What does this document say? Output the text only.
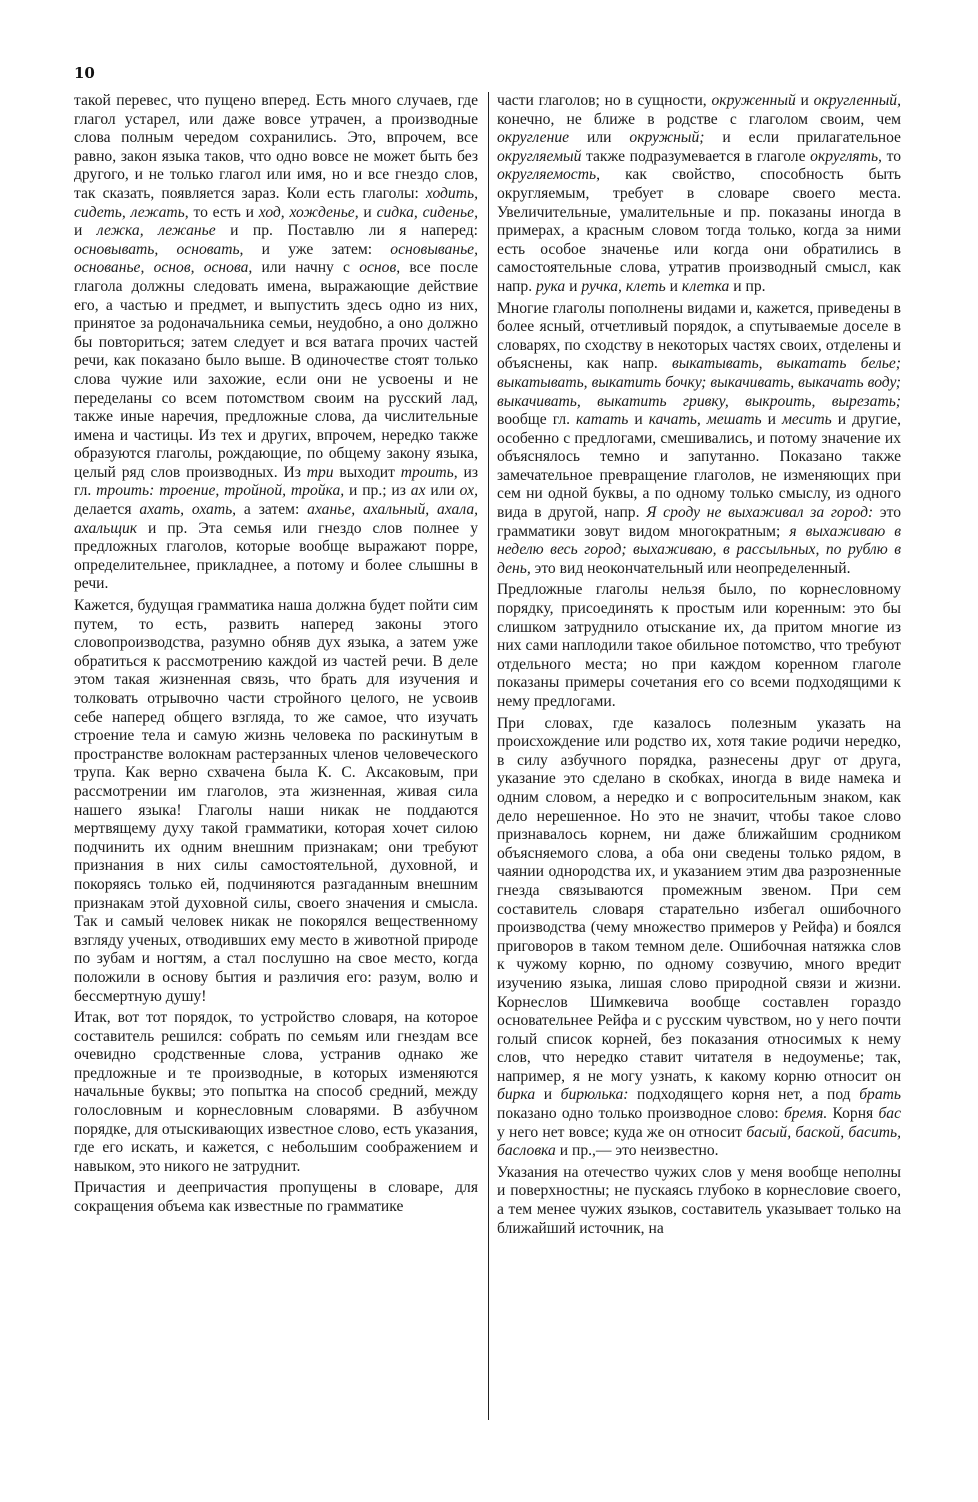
10

такой перевес, что пущено вперед. Есть много случаев, где глагол устарел, или даже вовсе утрачен, а производные слова полным чередом сохранились. Это, впрочем, все равно, закон языка таков, что одно вовсе не может быть без другого, и не только глагол или имя, но и все гнездо слов, так сказать, появляется зараз. Коли есть глаголы: ходить, сидеть, лежать, то есть и ход, хожденье, и сидка, сиденье, и лежка, лежанье и пр. Поставлю ли я наперед: основывать, основать, и уже затем: основыванье, основанье, основ, основа, или начну с основ, все после глагола должны следовать имена, выражающие действие его, а частью и предмет, и выпустить здесь одно из них, принятое за родоначальника семьи, неудобно, а оно должно бы повториться; затем следует и вся ватага прочих частей речи, как показано было выше. В одиночестве стоят только слова чужие или захожие, если они не усвоены и не переделаны со всем потомством своим на русский лад, также иные наречия, предложные слова, да числительные имена и частицы. Из тех и других, впрочем, нередко также образуются глаголы, рождающие, по общему закону языка, целый ряд слов производных. Из три выходит троить, из гл. троить: троение, тройной, тройка, и пр.; из ах или ох, делается ахать, охать, а затем: аханье, ахальный, ахала, ахальщик и пр. Эта семья или гнездо слов полнее у предложных глаголов, которые вообще выражают порре, определительнее, прикладнее, а потому и более слышны в речи.

Кажется, будущая грамматика наша должна будет пойти сим путем, то есть, развить наперед законы этого словопроизводства, разумно обняв дух языка, а затем уже обратиться к рассмотрению каждой из частей речи. В деле этом такая жизненная связь, что брать для изучения и толковать отрывочно части стройного целого, не усвоив себе наперед общего взгляда, то же самое, что изучать строение тела и самую жизнь человека по раскинутым в пространстве волокнам растерзанных членов человеческого трупа. Как верно схвачена была К. С. Аксаковым, при рассмотрении им глаголов, эта жизненная, живая сила нашего языка! Глаголы наши никак не поддаются мертвящему духу такой грамматики, которая хочет силою подчинить их одним внешним признакам; они требуют признания в них силы самостоятельной, духовной, и покоряясь только ей, подчиняются разгаданным внешним признакам этой духовной силы, своего значения и смысла. Так и самый человек никак не покорялся вещественному взгляду ученых, отводивших ему место в животной природе по зубам и ногтям, а стал послушно на свое место, когда положили в основу бытия и различия его: разум, волю и бессмертную душу!

Итак, вот тот порядок, то устройство словаря, на которое составитель решился: собрать по семьям или гнездам все очевидно сродственные слова, устранив однако же предложные и те производные, в которых изменяются начальные буквы; это попытка на способ средний, между голословным и корнесловным словарями. В азбучном порядке, для отыскивающих известное слово, есть указания, где его искать, и кажется, с небольшим соображением и навыком, это никого не затруднит.

Причастия и деепричастия пропущены в словаре, для сокращения объема как известные по грамматике

части глаголов; но в сущности, окруженный и округленный, конечно, не ближе в родстве с глаголом своим, чем округление или окружный; и если прилагательное округляемый также подразумевается в глаголе округлять, то округляемость, как свойство, способность быть округляемым, требует в словаре своего места. Увеличительные, умалительные и пр. показаны иногда в примерах, а красным словом тогда только, когда за ними есть особое значенье или когда они обратились в самостоятельные слова, утратив производный смысл, как напр. рука и ручка, клеть и клетка и пр.

Многие глаголы пополнены видами и, кажется, приведены в более ясный, отчетливый порядок, а спутываемые доселе в словарях, по сходству в некоторых частях своих, отделены и объяснены, как напр. выкатывать, выкатать белье; выкатывать, выкатить бочку; выкачивать, выкачать воду; выкачивать, выкатить гривку, выкроить, вырезать; вообще гл. катать и качать, мешать и месить и другие, особенно с предлогами, смешивались, и потому значение их объяснялось темно и запутанно. Показано также замечательное превращение глаголов, не изменяющих при сем ни одной буквы, а по одному только смыслу, из одного вида в другой, напр. Я сроду не выхаживал за город: это грамматики зовут видом многократным; я выхаживаю в неделю весь город; выхаживаю, в рассыльных, по рублю в день, это вид неокончательный или неопределенный.

Предложные глаголы нельзя было, по корнесловному порядку, присоединять к простым или коренным: это бы слишком затруднило отыскание их, да притом многие из них сами наплодили такое обильное потомство, что требуют отдельного места; но при каждом коренном глаголе показаны примеры сочетания его со всеми подходящими к нему предлогами.

При словах, где казалось полезным указать на происхождение или родство их, хотя такие родичи нередко, в силу азбучного порядка, разнесены друг от друга, указание это сделано в скобках, иногда в виде намека и одним словом, а нередко и с вопросительным знаком, как дело нерешенное. Но это не значит, чтобы такое слово признавалось корнем, ни даже ближайшим сродником объясняемого слова, а оба они сведены только рядом, в чаянии однородства их, и указанием этим два разрозненные гнезда связываются промежным звеном. При сем составитель словаря старательно избегал ошибочного производства (чему множество примеров у Рейфа) и боялся приговоров в таком темном деле. Ошибочная натяжка слов к чужому корню, по одному созвучию, много вредит изучению языка, лишая слово природной связи и жизни. Корнеслов Шимкевича вообще составлен гораздо основательнее Рейфа и с русским чувством, но у него почти голый список корней, без показания относимых к нему слов, что нередко ставит читателя в недоуменье; так, например, я не могу узнать, к какому корню относит он бирка и бирюлька: подходящего корня нет, а под брать показано одно только производное слово: бремя. Корня бас у него нет вовсе; куда же он относит басый, баской, басить, басловка и пр.,— это неизвестно.

Указания на отечество чужих слов у меня вообще неполны и поверхностны; не пускаясь глубоко в корнесловие своего, а тем менее чужих языков, составитель указывает только на ближайший источник, на
